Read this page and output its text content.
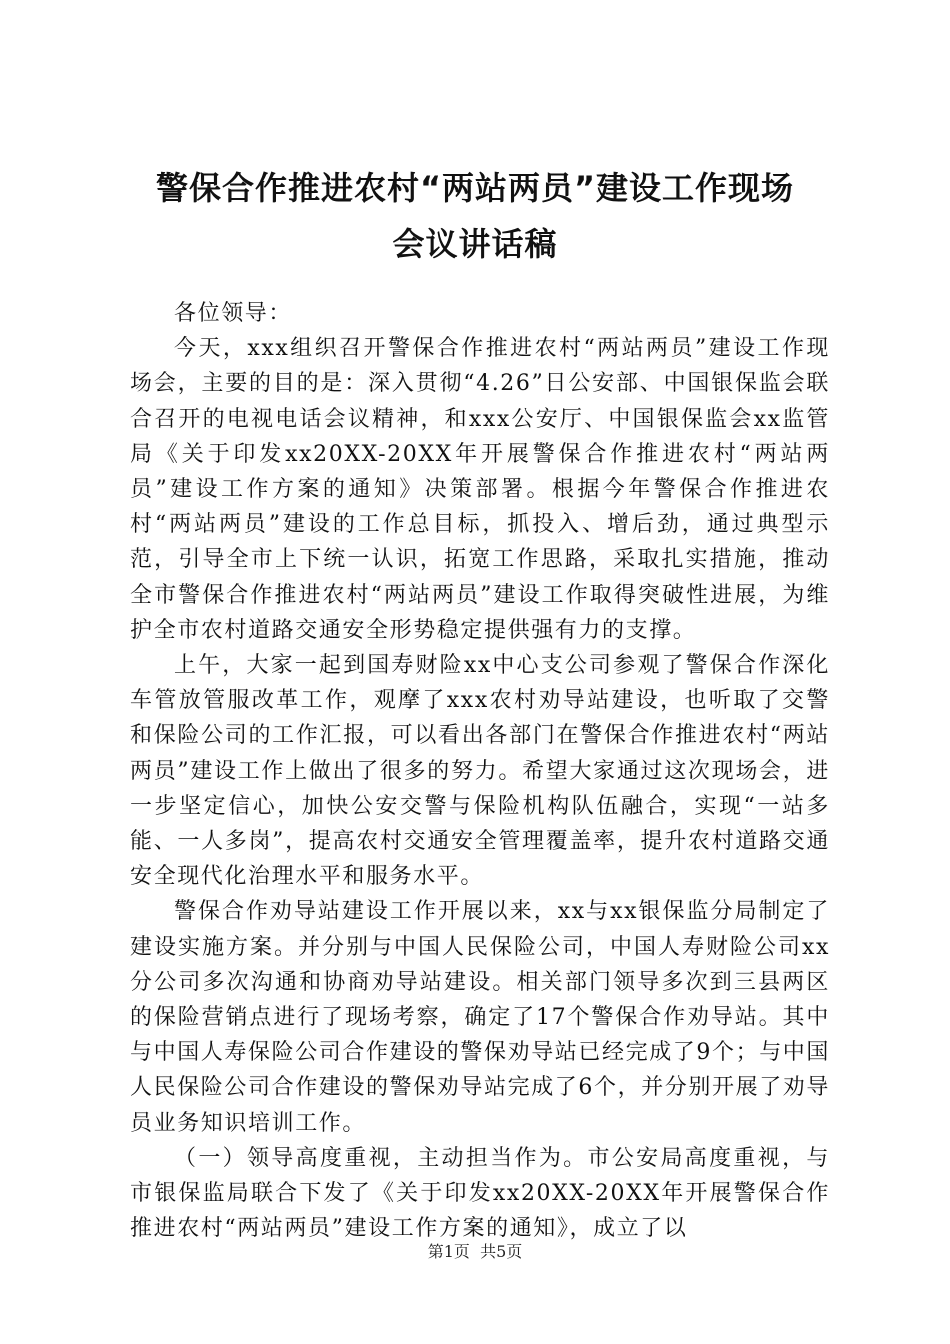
警保合作推进农村“两站两员”建设工作现场
会议讲话稿

各位领导：

今天，xxx组织召开警保合作推进农村“两站两员”建设工作现场会，主要的目的是：深入贯彻“4.26”日公安部、中国银保监会联合召开的电视电话会议精神，和xxx公安厅、中国银保监会xx监管局《关于印发xx20XX-20XX年开展警保合作推进农村“两站两员”建设工作方案的通知》决策部署。根据今年警保合作推进农村“两站两员”建设的工作总目标，抓投入、增后劲，通过典型示范，引导全市上下统一认识，拓宽工作思路，采取扎实措施，推动全市警保合作推进农村“两站两员”建设工作取得突破性进展，为维护全市农村道路交通安全形势稳定提供强有力的支撑。

上午，大家一起到国寿财险xx中心支公司参观了警保合作深化车管放管服改革工作，观摩了xxx农村劝导站建设，也听取了交警和保险公司的工作汇报，可以看出各部门在警保合作推进农村“两站两员”建设工作上做出了很多的努力。希望大家通过这次现场会，进一步坚定信心，加快公安交警与保险机构队伍融合，实现“一站多能、一人多岗”，提高农村交通安全管理覆盖率，提升农村道路交通安全现代化治理水平和服务水平。

警保合作劝导站建设工作开展以来，xx与xx银保监分局制定了建设实施方案。并分别与中国人民保险公司，中国人寿财险公司xx分公司多次沟通和协商劝导站建设。相关部门领导多次到三县两区的保险营销点进行了现场考察，确定了17个警保合作劝导站。其中与中国人寿保险公司合作建设的警保劝导站已经完成了9个；与中国人民保险公司合作建设的警保劝导站完成了6个，并分别开展了劝导员业务知识培训工作。

（一）领导高度重视，主动担当作为。市公安局高度重视，与市银保监局联合下发了《关于印发xx20XX-20XX年开展警保合作推进农村“两站两员”建设工作方案的通知》，成立了以

第1页  共5页
